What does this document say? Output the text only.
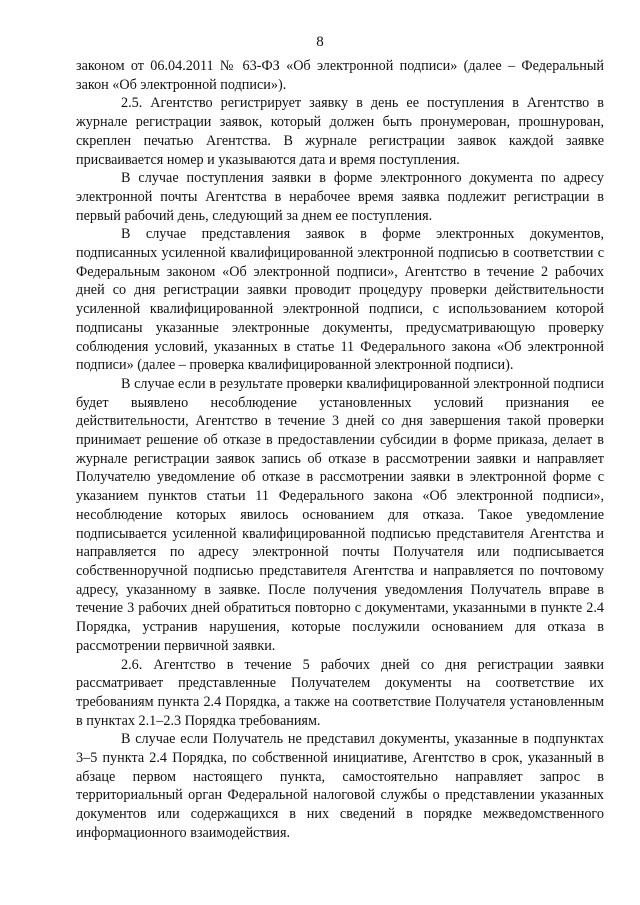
8

законом от 06.04.2011 № 63-ФЗ «Об электронной подписи» (далее – Федеральный закон «Об электронной подписи»).

2.5. Агентство регистрирует заявку в день ее поступления в Агентство в журнале регистрации заявок, который должен быть пронумерован, прошнурован, скреплен печатью Агентства. В журнале регистрации заявок каждой заявке присваивается номер и указываются дата и время поступления.

В случае поступления заявки в форме электронного документа по адресу электронной почты Агентства в нерабочее время заявка подлежит регистрации в первый рабочий день, следующий за днем ее поступления.

В случае представления заявок в форме электронных документов, подписанных усиленной квалифицированной электронной подписью в соответствии с Федеральным законом «Об электронной подписи», Агентство в течение 2 рабочих дней со дня регистрации заявки проводит процедуру проверки действительности усиленной квалифицированной электронной подписи, с использованием которой подписаны указанные электронные документы, предусматривающую проверку соблюдения условий, указанных в статье 11 Федерального закона «Об электронной подписи» (далее – проверка квалифицированной электронной подписи).

В случае если в результате проверки квалифицированной электронной подписи будет выявлено несоблюдение установленных условий признания ее действительности, Агентство в течение 3 дней со дня завершения такой проверки принимает решение об отказе в предоставлении субсидии в форме приказа, делает в журнале регистрации заявок запись об отказе в рассмотрении заявки и направляет Получателю уведомление об отказе в рассмотрении заявки в электронной форме с указанием пунктов статьи 11 Федерального закона «Об электронной подписи», несоблюдение которых явилось основанием для отказа. Такое уведомление подписывается усиленной квалифицированной подписью представителя Агентства и направляется по адресу электронной почты Получателя или подписывается собственноручной подписью представителя Агентства и направляется по почтовому адресу, указанному в заявке. После получения уведомления Получатель вправе в течение 3 рабочих дней обратиться повторно с документами, указанными в пункте 2.4 Порядка, устранив нарушения, которые послужили основанием для отказа в рассмотрении первичной заявки.

2.6. Агентство в течение 5 рабочих дней со дня регистрации заявки рассматривает представленные Получателем документы на соответствие их требованиям пункта 2.4 Порядка, а также на соответствие Получателя установленным в пунктах 2.1–2.3 Порядка требованиям.

В случае если Получатель не представил документы, указанные в подпунктах 3–5 пункта 2.4 Порядка, по собственной инициативе, Агентство в срок, указанный в абзаце первом настоящего пункта, самостоятельно направляет запрос в территориальный орган Федеральной налоговой службы о представлении указанных документов или содержащихся в них сведений в порядке межведомственного информационного взаимодействия.
